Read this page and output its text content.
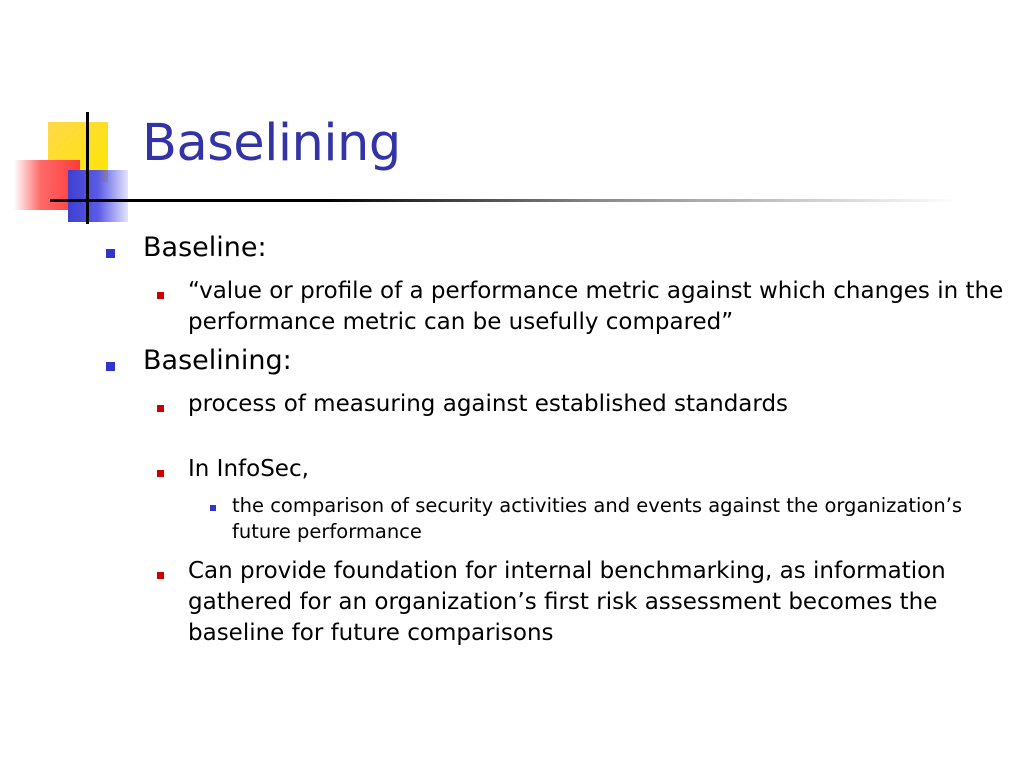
Baselining
Baseline:
“value or profile of a performance metric against which changes in the performance metric can be usefully compared”
Baselining:
process of measuring against established standards
In InfoSec,
the comparison of security activities and events against the organization’s future performance
Can provide foundation for internal benchmarking, as information gathered for an organization’s first risk assessment becomes the baseline for future comparisons
